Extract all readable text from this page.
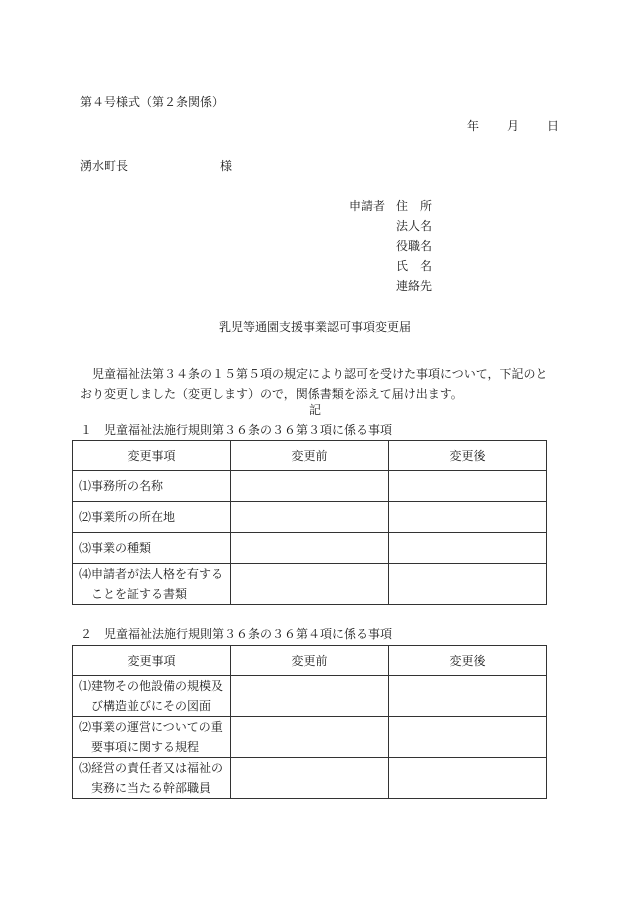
第４号様式（第２条関係）
年 月 日
湧水町長	様
申請者 住　所
法人名
役職名
氏　名
連絡先
乳児等通園支援事業認可事項変更届
児童福祉法第３４条の１５第５項の規定により認可を受けた事項について，下記のとおり変更しました（変更します）ので，関係書類を添えて届け出ます。
記
１　児童福祉法施行規則第３６条の３６第３項に係る事項
変更事項	変更前	変更後

⑴事務所の名称		

⑵事業所の所在地		

⑶事業の種類		

⑷申請者が法人格を有する
ことを証する書類		

２　児童福祉法施行規則第３６条の３６第４項に係る事項
変更事項	変更前	変更後

⑴建物その他設備の規模及
び構造並びにその図面		

⑵事業の運営についての重
要事項に関する規程		

⑶経営の責任者又は福祉の
実務に当たる幹部職員		
